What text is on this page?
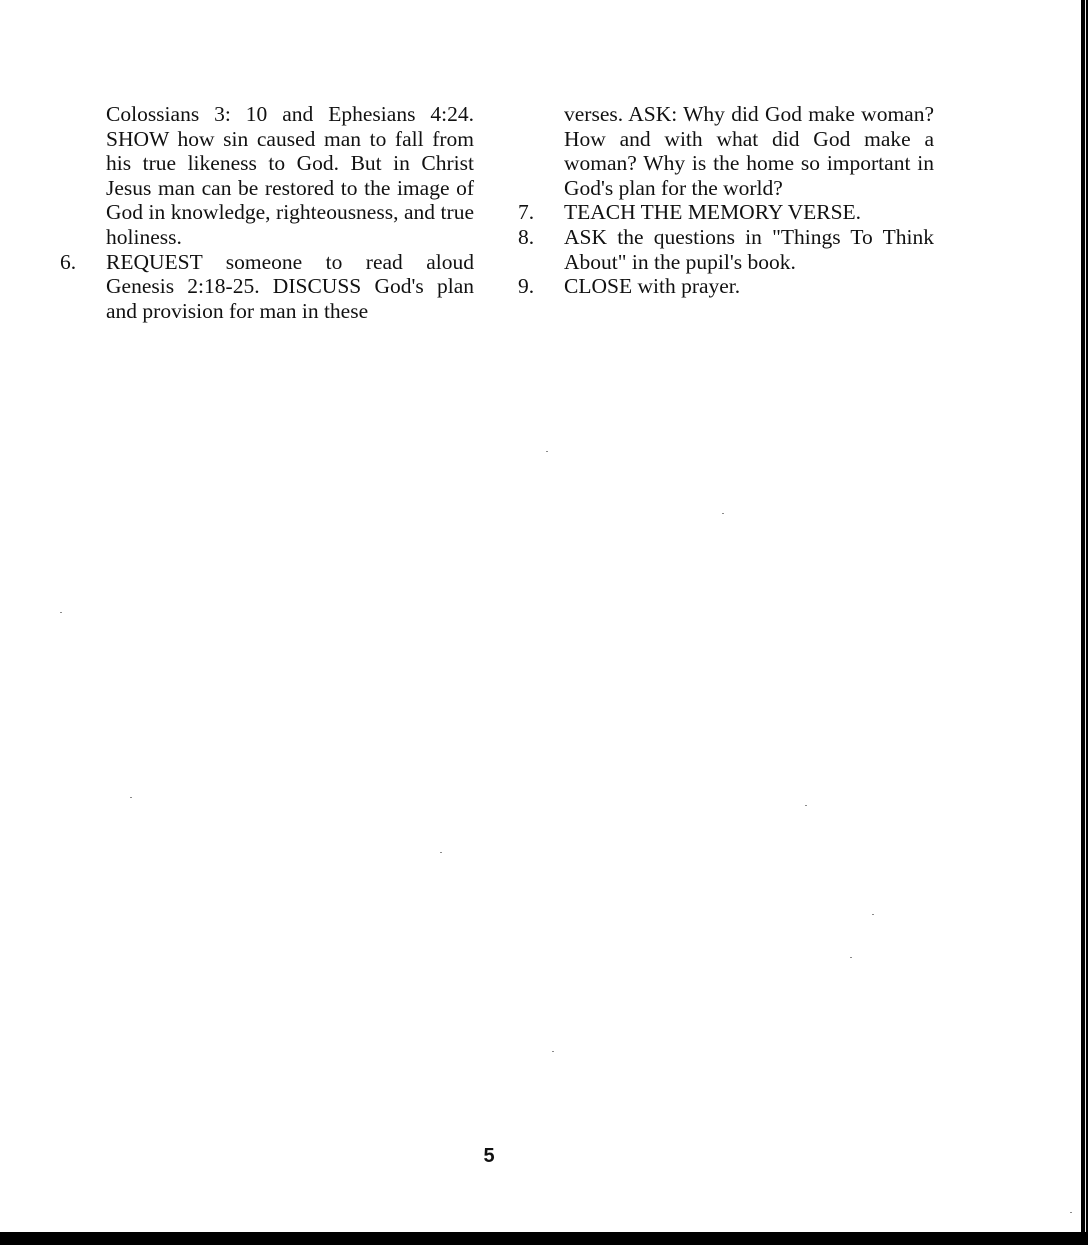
Colossians 3: 10 and Ephesians 4:24. SHOW how sin caused man to fall from his true likeness to God. But in Christ Jesus man can be restored to the image of God in knowledge, righteousness, and true holiness.
6.	REQUEST someone to read aloud Genesis 2:18-25. DISCUSS God's plan and provision for man in these
verses. ASK: Why did God make woman? How and with what did God make a woman? Why is the home so important in God's plan for the world?
7.	TEACH THE MEMORY VERSE.
8.	ASK the questions in "Things To Think About" in the pupil's book.
9.	CLOSE with prayer.
5
